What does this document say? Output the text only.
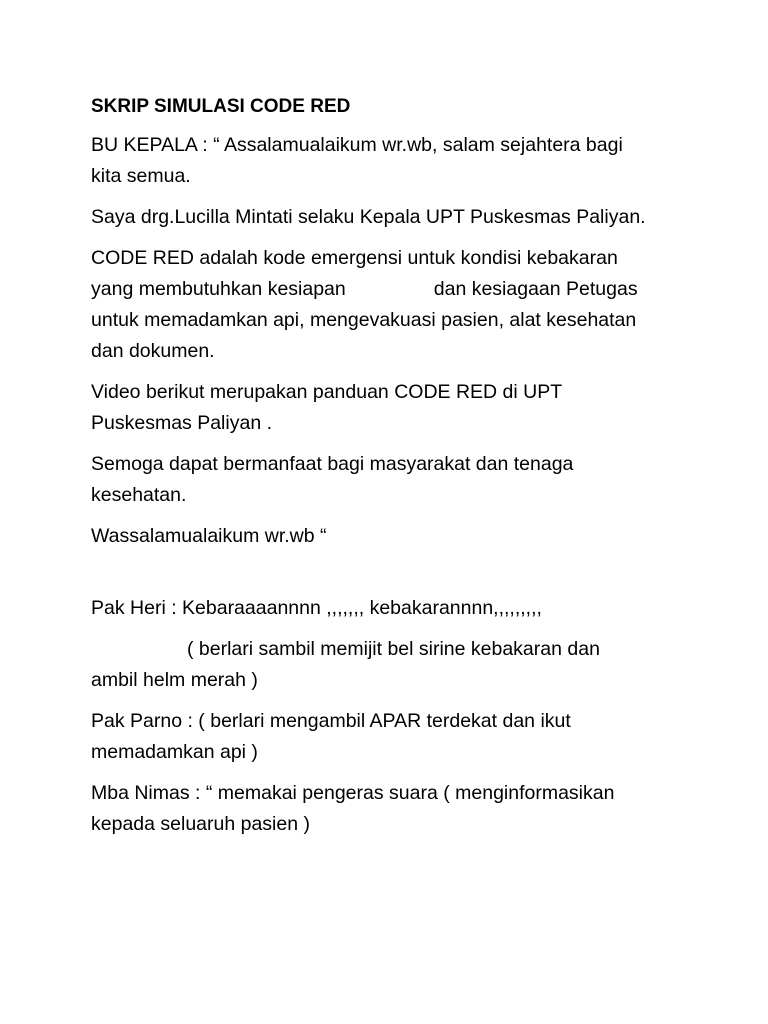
SKRIP SIMULASI CODE RED

BU KEPALA : “ Assalamualaikum wr.wb, salam sejahtera bagi
kita semua.

Saya drg.Lucilla Mintati selaku Kepala UPT Puskesmas Paliyan.

CODE RED adalah kode emergensi untuk kondisi kebakaran
yang membutuhkan kesiapan	dan kesiagaan Petugas
untuk memadamkan api, mengevakuasi pasien, alat kesehatan
dan dokumen.

Video berikut merupakan panduan CODE RED di UPT
Puskesmas Paliyan .

Semoga dapat bermanfaat bagi masyarakat dan tenaga
kesehatan.

Wassalamualaikum wr.wb “

Pak Heri : Kebaraaaannnn ,,,,,,, kebakarannnn,,,,,,,,,

( berlari sambil memijit bel sirine kebakaran dan
ambil helm merah )

Pak Parno : ( berlari mengambil APAR terdekat dan ikut
memadamkan api )

Mba Nimas : “ memakai pengeras suara ( menginformasikan
kepada seluaruh pasien )
